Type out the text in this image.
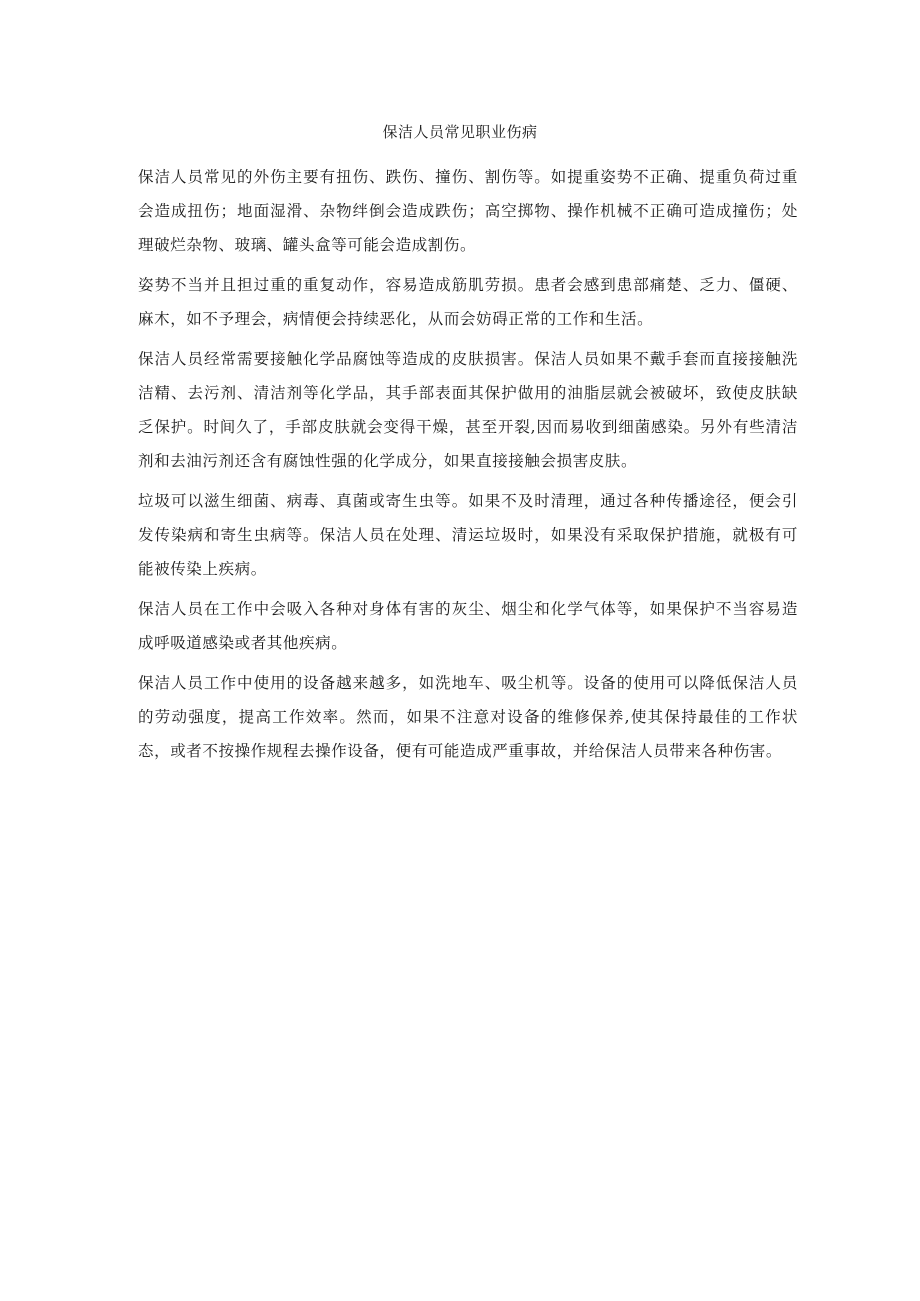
保洁人员常见职业伤病

保洁人员常见的外伤主要有扭伤、跌伤、撞伤、割伤等。如提重姿势不正确、提重负荷过重会造成扭伤；地面湿滑、杂物绊倒会造成跌伤；高空掷物、操作机械不正确可造成撞伤；处理破烂杂物、玻璃、罐头盒等可能会造成割伤。

姿势不当并且担过重的重复动作，容易造成筋肌劳损。患者会感到患部痛楚、乏力、僵硬、麻木，如不予理会，病情便会持续恶化，从而会妨碍正常的工作和生活。

保洁人员经常需要接触化学品腐蚀等造成的皮肤损害。保洁人员如果不戴手套而直接接触洗洁精、去污剂、清洁剂等化学品，其手部表面其保护做用的油脂层就会被破坏，致使皮肤缺乏保护。时间久了，手部皮肤就会变得干燥，甚至开裂,因而易收到细菌感染。另外有些清洁剂和去油污剂还含有腐蚀性强的化学成分，如果直接接触会损害皮肤。

垃圾可以滋生细菌、病毒、真菌或寄生虫等。如果不及时清理，通过各种传播途径，便会引发传染病和寄生虫病等。保洁人员在处理、清运垃圾时，如果没有采取保护措施，就极有可能被传染上疾病。

保洁人员在工作中会吸入各种对身体有害的灰尘、烟尘和化学气体等，如果保护不当容易造成呼吸道感染或者其他疾病。

保洁人员工作中使用的设备越来越多，如洗地车、吸尘机等。设备的使用可以降低保洁人员的劳动强度，提高工作效率。然而，如果不注意对设备的维修保养,使其保持最佳的工作状态，或者不按操作规程去操作设备，便有可能造成严重事故，并给保洁人员带来各种伤害。
